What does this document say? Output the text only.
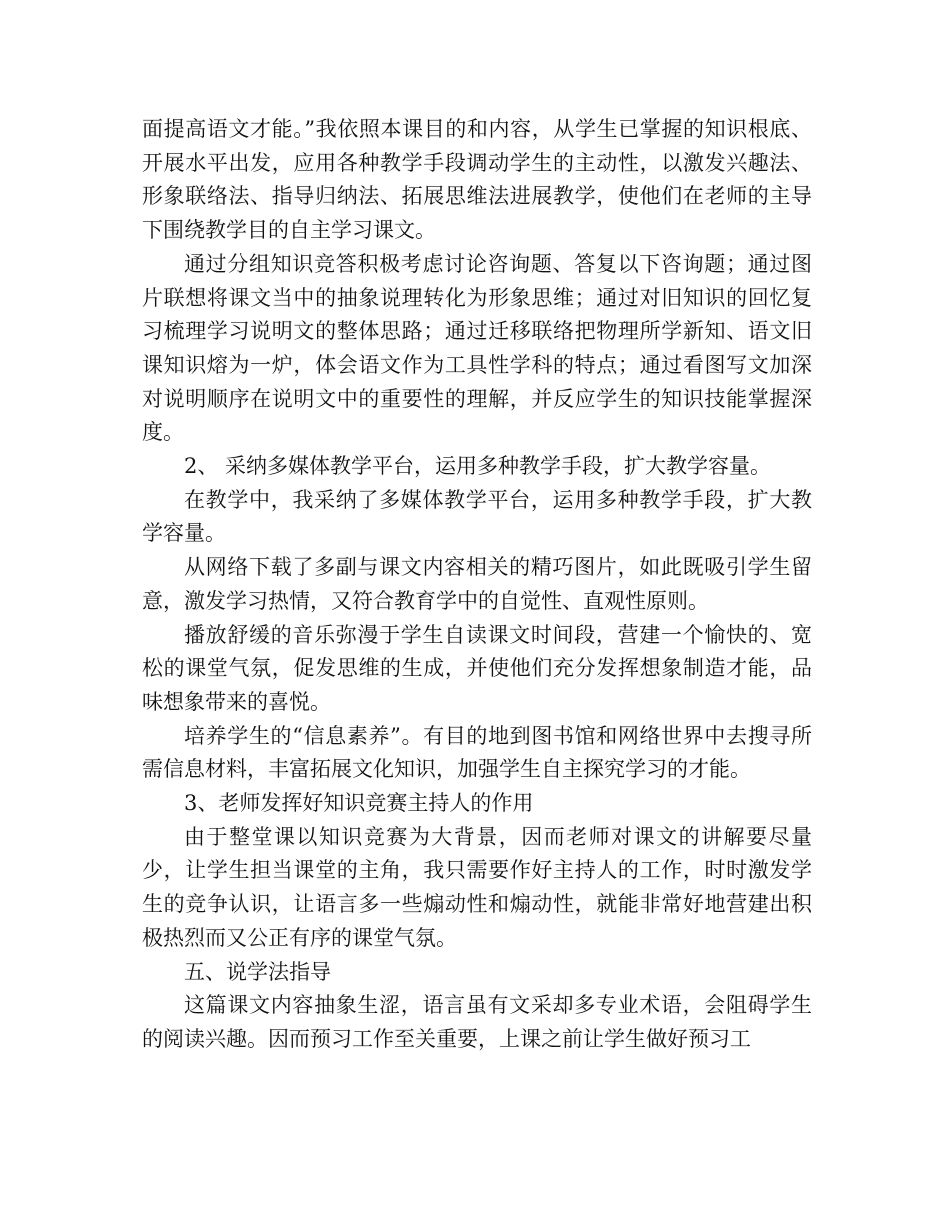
面提高语文才能。”我依照本课目的和内容，从学生已掌握的知识根底、开展水平出发，应用各种教学手段调动学生的主动性，以激发兴趣法、形象联络法、指导归纳法、拓展思维法进展教学，使他们在老师的主导下围绕教学目的自主学习课文。

通过分组知识竞答积极考虑讨论咨询题、答复以下咨询题；通过图片联想将课文当中的抽象说理转化为形象思维；通过对旧知识的回忆复习梳理学习说明文的整体思路；通过迁移联络把物理所学新知、语文旧课知识熔为一炉，体会语文作为工具性学科的特点；通过看图写文加深对说明顺序在说明文中的重要性的理解，并反应学生的知识技能掌握深度。

2、 采纳多媒体教学平台，运用多种教学手段，扩大教学容量。

在教学中，我采纳了多媒体教学平台，运用多种教学手段，扩大教学容量。

从网络下载了多副与课文内容相关的精巧图片，如此既吸引学生留意，激发学习热情，又符合教育学中的自觉性、直观性原则。

播放舒缓的音乐弥漫于学生自读课文时间段，营建一个愉快的、宽松的课堂气氛，促发思维的生成，并使他们充分发挥想象制造才能，品味想象带来的喜悦。

培养学生的“信息素养”。有目的地到图书馆和网络世界中去搜寻所需信息材料，丰富拓展文化知识，加强学生自主探究学习的才能。

3、老师发挥好知识竞赛主持人的作用

由于整堂课以知识竞赛为大背景，因而老师对课文的讲解要尽量少，让学生担当课堂的主角，我只需要作好主持人的工作，时时激发学生的竞争认识，让语言多一些煽动性和煽动性，就能非常好地营建出积极热烈而又公正有序的课堂气氛。

五、说学法指导

这篇课文内容抽象生涩，语言虽有文采却多专业术语，会阻碍学生的阅读兴趣。因而预习工作至关重要，上课之前让学生做好预习工
